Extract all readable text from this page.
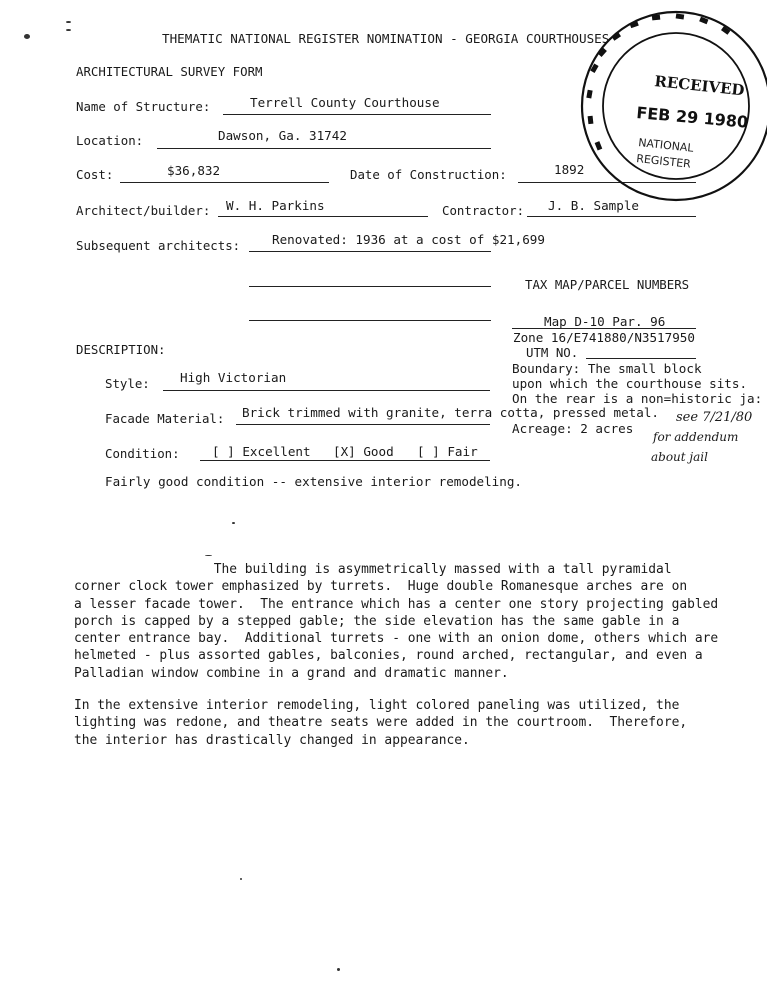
THEMATIC NATIONAL REGISTER NOMINATION - GEORGIA COURTHOUSES
ARCHITECTURAL SURVEY FORM
Name of Structure:	Terrell County Courthouse
Location:	Dawson, Ga. 31742
Cost:	$36,832	Date of Construction:	1892
Architect/builder: W. H. Parkins	Contractor: J. B. Sample
Subsequent architects:	Renovated: 1936 at a cost of $21,699
TAX MAP/PARCEL NUMBERS
Map D-10 Par. 96
Zone 16/E741880/N3517950
UTM NO.
Boundary: The small block
upon which the courthouse sits.
On the rear is a non=historic ja:
Acreage: 2 acres
DESCRIPTION:
Style: High Victorian
Facade Material: Brick trimmed with granite, terra cotta, pressed metal.
Condition:	[ ] Excellent [X] Good [ ] Fair
Fairly good condition -- extensive interior remodeling.
The building is asymmetrically massed with a tall pyramidal
corner clock tower emphasized by turrets.  Huge double Romanesque arches are on
a lesser facade tower.  The entrance which has a center one story projecting gabled
porch is capped by a stepped gable; the side elevation has the same gable in a
center entrance bay.  Additional turrets - one with an onion dome, others which are
helmeted - plus assorted gables, balconies, round arched, rectangular, and even a
Palladian window combine in a grand and dramatic manner.
In the extensive interior remodeling, light colored paneling was utilized, the
lighting was redone, and theatre seats were added in the courtroom.  Therefore,
the interior has drastically changed in appearance.
RECEIVED
FEB 29 1980
NATIONAL
REGISTER
see 7/21/80
for addendum
about jail
